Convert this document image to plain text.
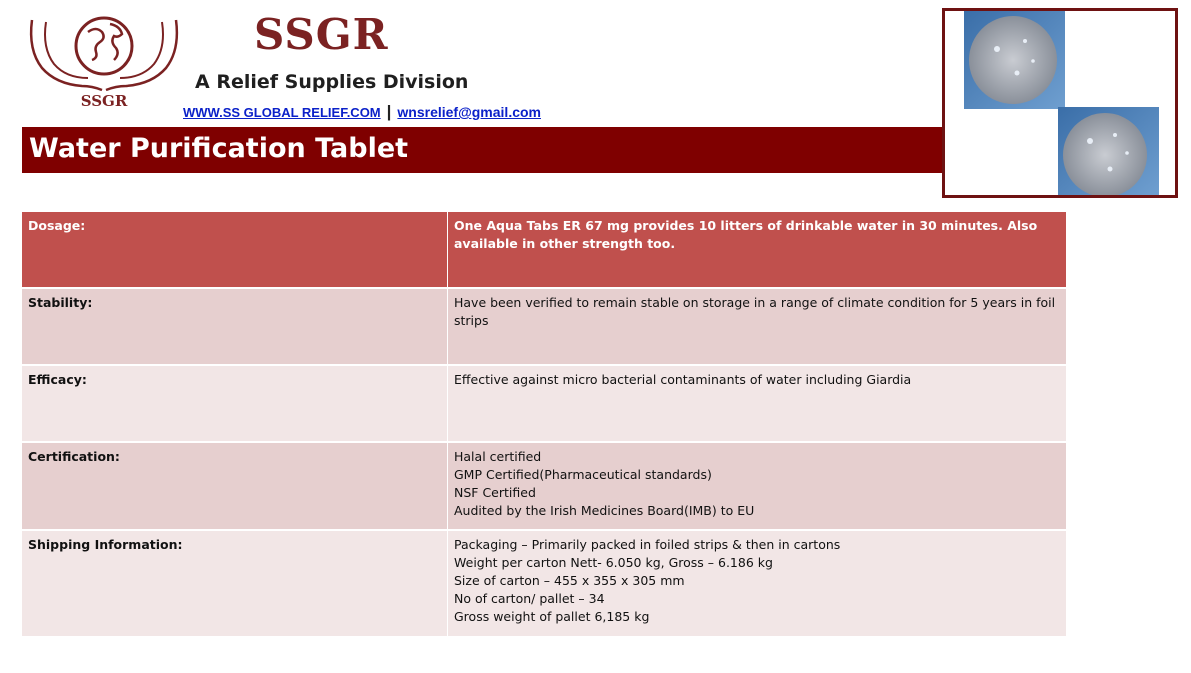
SSGR
SSGR
A Relief Supplies Division
WWW.SS GLOBAL RELIEF.COM | wnsrelief@gmail.com
Water Purification Tablet
Dosage:	One Aqua Tabs ER 67 mg provides 10 litters of drinkable water in 30 minutes. Also available in other strength too.

Stability:	Have been verified to remain stable on storage in a range of climate condition for 5 years in foil strips

Efficacy:	Effective against micro bacterial contaminants of water including Giardia

Certification:	Halal certified
GMP Certified(Pharmaceutical standards)
NSF Certified
Audited by the Irish Medicines Board(IMB) to EU

Shipping Information:	Packaging – Primarily packed in foiled strips & then in cartons
Weight per carton Nett- 6.050 kg, Gross – 6.186 kg
Size of carton – 455 x 355 x 305 mm
No of carton/ pallet – 34
Gross weight of pallet 6,185 kg
